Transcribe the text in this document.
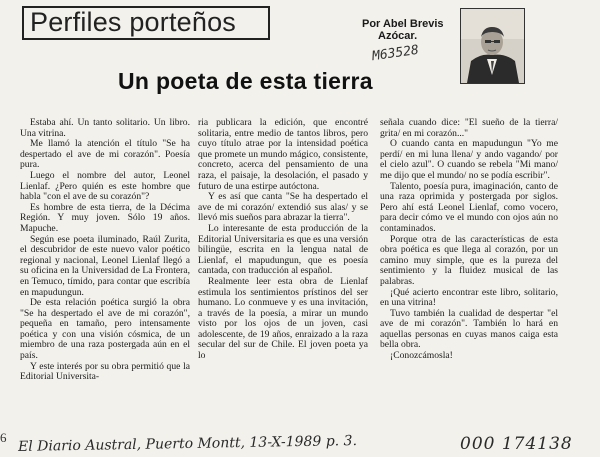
Perfiles porteños	Por Abel Brevis
Azócar.
M63528
Un poeta de esta tierra

Estaba ahí. Un tanto solitario. Un libro. Una vitrina.

Me llamó la atención el título "Se ha despertado el ave de mi corazón". Poesía pura.

Luego el nombre del autor, Leonel Lienlaf. ¿Pero quién es este hombre que habla "con el ave de su corazón"?

Es hombre de esta tierra, de la Décima Región. Y muy joven. Sólo 19 años. Mapuche.

Según ese poeta iluminado, Raúl Zurita, el descubridor de este nuevo valor poético regional y nacional, Leonel Lienlaf llegó a su oficina en la Universidad de La Frontera, en Temuco, tímido, para contar que escribía en mapudungun.

De esta relación poética surgió la obra "Se ha despertado el ave de mi corazón", pequeña en tamaño, pero intensamente poética y con una visión cósmica, de un miembro de una raza postergada aún en el país.

Y este interés por su obra permitió que la Editorial Universita-

ria publicara la edición, que encontré solitaria, entre medio de tantos libros, pero cuyo título atrae por la intensidad poética que promete un mundo mágico, consistente, concreto, acerca del pensamiento de una raza, el paisaje, la desolación, el pasado y futuro de una estirpe autóctona.

Y es así que canta "Se ha despertado el ave de mi corazón/ extendió sus alas/ y se llevó mis sueños para abrazar la tierra".

Lo interesante de esta producción de la Editorial Universitaria es que es una versión bilingüe, escrita en la lengua natal de Lienlaf, el mapudungun, que es poesía cantada, con traducción al español.

Realmente leer esta obra de Lienlaf estimula los sentimientos prístinos del ser humano. Lo conmueve y es una invitación, a través de la poesía, a mirar un mundo visto por los ojos de un joven, casi adolescente, de 19 años, enraizado a la raza secular del sur de Chile. El joven poeta ya lo

señala cuando dice: "El sueño de la tierra/ grita/ en mi corazón..."

O cuando canta en mapudungun "Yo me perdí/ en mi luna llena/ y ando vagando/ por el cielo azul". O cuando se rebela "Mi mano/ me dijo que el mundo/ no se podía escribir".

Talento, poesía pura, imaginación, canto de una raza oprimida y postergada por siglos. Pero ahí está Leonel Lienlaf, como vocero, para decir cómo ve el mundo con ojos aún no contaminados.

Porque otra de las características de esta obra poética es que llega al corazón, por un camino muy simple, que es la pureza del sentimiento y la fluidez musical de las palabras.

¡Qué acierto encontrar este libro, solitario, en una vitrina!

Tuvo también la cualidad de despertar "el ave de mi corazón". También lo hará en aquellas personas en cuyas manos caiga esta bella obra.

¡Conozcámosla!

6 El Diario Austral, Puerto Montt, 13-X-1989 p. 3.	000 174138
